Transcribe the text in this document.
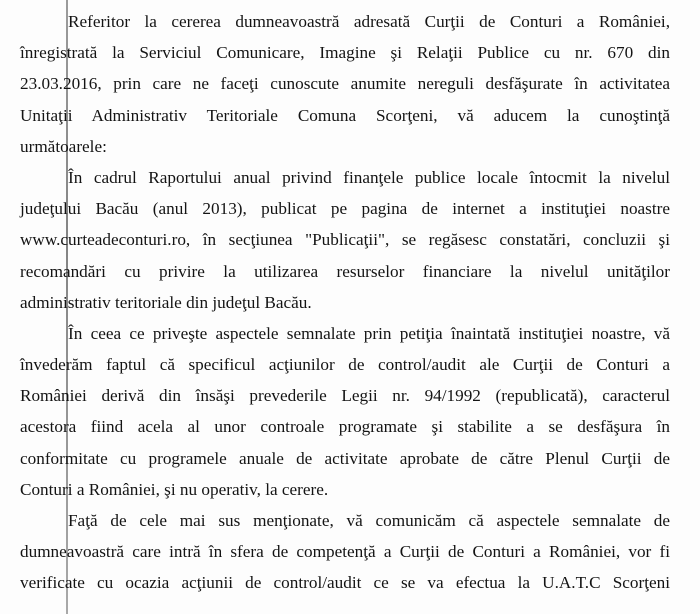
Referitor la cererea dumneavoastră adresată Curţii de Conturi a României,
înregistrată la Serviciul Comunicare, Imagine şi Relaţii Publice cu nr. 670 din
23.03.2016, prin care ne faceţi cunoscute anumite nereguli desfăşurate în activitatea
Unitaţii Administrativ Teritoriale Comuna Scorţeni, vă aducem la cunoştinţă
următoarele:
În cadrul Raportului anual privind finanţele publice locale întocmit la nivelul
judeţului Bacău (anul 2013), publicat pe pagina de internet a instituţiei noastre
www.curteadeconturi.ro, în secţiunea "Publicaţii", se regăsesc constatări, concluzii şi
recomandări cu privire la utilizarea resurselor financiare la nivelul unităţilor
administrativ teritoriale din judeţul Bacău.
În ceea ce priveşte aspectele semnalate prin petiţia înaintată instituţiei noastre, vă
învederăm faptul că specificul acţiunilor de control/audit ale Curţii de Conturi a
României derivă din însăşi prevederile Legii nr. 94/1992 (republicată), caracterul
acestora fiind acela al unor controale programate şi stabilite a se desfăşura în
conformitate cu programele anuale de activitate aprobate de către Plenul Curţii de
Conturi a României, şi nu operativ, la cerere.
Faţă de cele mai sus menţionate, vă comunicăm că aspectele semnalate de
dumneavoastră care intră în sfera de competenţă a Curţii de Conturi a României, vor fi
verificate cu ocazia acţiunii de control/audit ce se va efectua la U.A.T.C Scorţeni
